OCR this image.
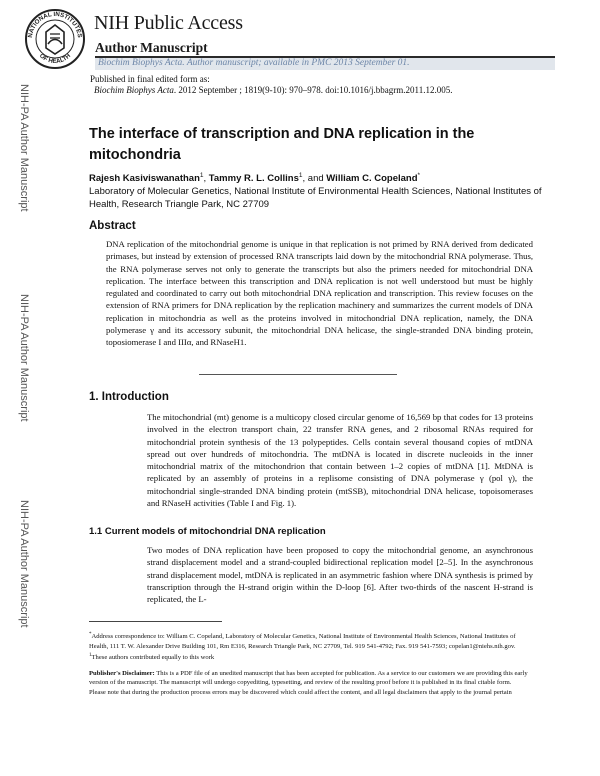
NATIONAL INSTITUTES
OF HEALTH
NIH Public Access
Author Manuscript
Biochim Biophys Acta. Author manuscript; available in PMC 2013 September 01.
Published in final edited form as:
Biochim Biophys Acta. 2012 September ; 1819(9-10): 970–978. doi:10.1016/j.bbagrm.2011.12.005.
NIH-PA Author Manuscript
NIH-PA Author Manuscript
NIH-PA Author Manuscript
The interface of transcription and DNA replication in the mitochondria
Rajesh Kasiviswanathan$^1$, Tammy R. L. Collins$^1$, and William C. Copeland*
Laboratory of Molecular Genetics, National Institute of Environmental Health Sciences, National Institutes of Health, Research Triangle Park, NC 27709
Abstract
DNA replication of the mitochondrial genome is unique in that replication is not primed by RNA derived from dedicated primases, but instead by extension of processed RNA transcripts laid down by the mitochondrial RNA polymerase. Thus, the RNA polymerase serves not only to generate the transcripts but also the primers needed for mitochondrial DNA replication. The interface between this transcription and DNA replication is not well understood but must be highly regulated and coordinated to carry out both mitochondrial DNA replication and transcription. This review focuses on the extension of RNA primers for DNA replication by the replication machinery and summarizes the current models of DNA replication in mitochondria as well as the proteins involved in mitochondrial DNA replication, namely, the DNA polymerase γ and its accessory subunit, the mitochondrial DNA helicase, the single-stranded DNA binding protein, toposiomerase I and IIIα, and RNaseH1.
1. Introduction
The mitochondrial (mt) genome is a multicopy closed circular genome of 16,569 bp that codes for 13 proteins involved in the electron transport chain, 22 transfer RNA genes, and 2 ribosomal RNAs required for mitochondrial protein synthesis of the 13 polypeptides. Cells contain several thousand copies of mtDNA spread out over hundreds of mitochondria. The mtDNA is located in discrete nucleoids in the inner mitochondrial matrix of the mitochondrion that contain between 1–2 copies of mtDNA [1]. MtDNA is replicated by an assembly of proteins in a replisome consisting of DNA polymerase γ (pol γ), the mitochondrial single-stranded DNA binding protein (mtSSB), mitochondrial DNA helicase, topoisomerases and RNaseH activities (Table I and Fig. 1).
1.1 Current models of mitochondrial DNA replication
Two modes of DNA replication have been proposed to copy the mitochondrial genome, an asynchronous strand displacement model and a strand-coupled bidirectional replication model [2–5]. In the asynchronous strand displacement model, mtDNA is replicated in an asymmetric fashion where DNA synthesis is primed by transcription through the H-strand origin within the D-loop [6]. After two-thirds of the nascent H-strand is replicated, the L-
*Address correspondence to: William C. Copeland, Laboratory of Molecular Genetics, National Institute of Environmental Health Sciences, National Institutes of Health, 111 T. W. Alexander Drive Building 101, Rm E316, Research Triangle Park, NC 27709, Tel. 919 541-4792; Fax. 919 541-7593; copelan1@niehs.nih.gov.
$^1$These authors contributed equally to this work
Publisher's Disclaimer: This is a PDF file of an unedited manuscript that has been accepted for publication. As a service to our customers we are providing this early version of the manuscript. The manuscript will undergo copyediting, typesetting, and review of the resulting proof before it is published in its final citable form. Please note that during the production process errors may be discovered which could affect the content, and all legal disclaimers that apply to the journal pertain
